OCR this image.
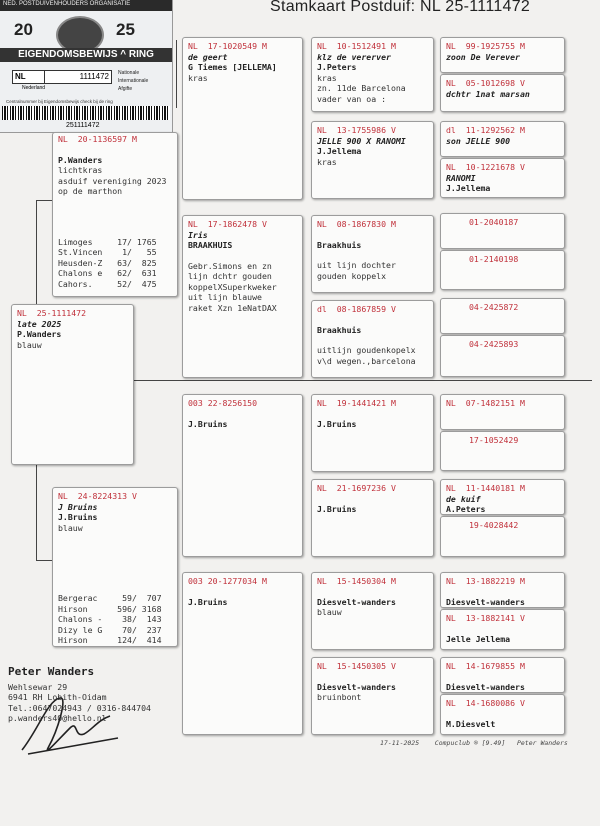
Stamkaart Postduif: NL 25-1111472
NED. POSTDUIVENHOUDERS ORGANISATIE
20	25
EIGENDOMSBEWIJS ^ RING
NL	1111472	Nationale
Internationale
Afgifte
Nederland
Centralnummer bij Eigendomsbewijs check bij de ring
251111472
NL  25-1111472
late 2025
P.Wanders
blauw
NL  20-1136597 M
P.Wanders
lichtkras
asduif vereniging 2023
op de marthon
Limoges     17/ 1765
St.Vincen    1/   55
Heusden-Z   63/  825
Chalons e   62/  631
Cahors.     52/  475
NL  24-8224313 V
J Bruins
J.Bruins
blauw
Bergerac     59/  707
Hirson      596/ 3168
Chalons -    38/  143
Dizy le G    70/  237
Hirson      124/  414
NL  17-1020549 M
de geert
G Tiemes [JELLEMA]
kras
NL  17-1862478 V
Iris
BRAAKHUIS
Gebr.Simons en zn
lijn dchtr gouden
koppelXSuperkweker
uit lijn blauwe
raket Xzn 1eNatDAX
003 22-8256150
J.Bruins
003 20-1277034 M
J.Bruins
NL  10-1512491 M
klz de vererver
J.Peters
kras
zn. 11de Barcelona
vader van oa :
NL  13-1755986 V
JELLE 900 X RANOMI
J.Jellema
kras
NL  08-1867830 M
Braakhuis
uit lijn dochter
gouden koppelx
dl  08-1867859 V
Braakhuis
uitlijn goudenkopelx
v\d wegen.,barcelona
NL  19-1441421 M
J.Bruins
NL  21-1697236 V
J.Bruins
NL  15-1450304 M
Diesvelt-wanders
blauw
NL  15-1450305 V
Diesvelt-wanders
bruinbont
NL  99-1925755 M
zoon De Verever
NL  05-1012698 V
dchtr 1nat marsan
dl  11-1292562 M
son JELLE 900
NL  10-1221678 V
RANOMI
J.Jellema
01-2040187
01-2140198
04-2425872
04-2425893
NL  07-1482151 M
17-1052429
NL  11-1440181 M
de kuif
A.Peters
19-4028442
NL  13-1882219 M
Diesvelt-wanders
NL  13-1882141 V
Jelle Jellema
NL  14-1679855 M
Diesvelt-wanders
NL  14-1680086 V
M.Diesvelt
Peter Wanders
Wehlsewar 29
6941 RH Lobith-Oidam
Tel.:0647024943 / 0316-844704
p.wanders40@hello.nl
17-11-2025    Compuclub ® [9.49]   Peter Wanders
